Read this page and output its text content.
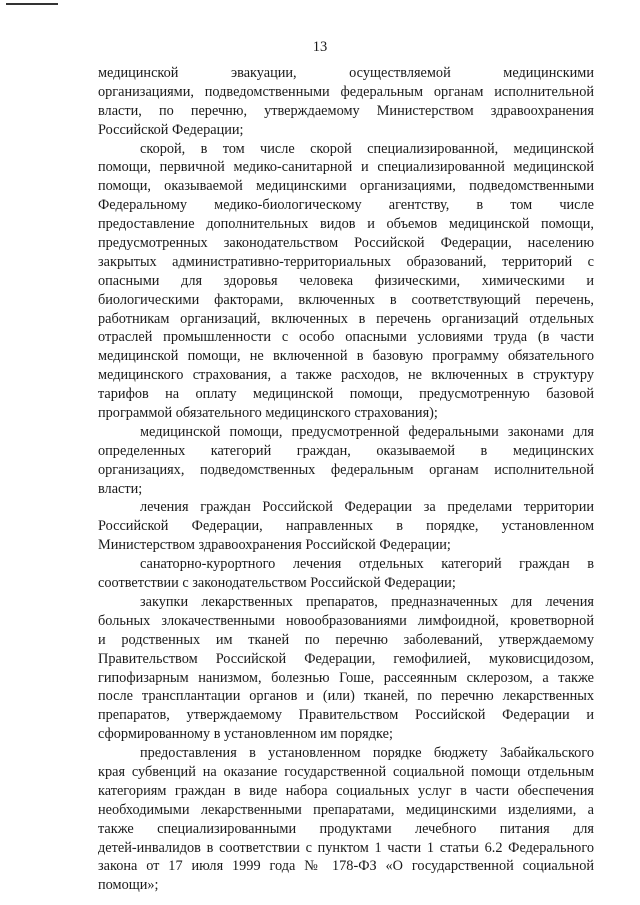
13
медицинской эвакуации, осуществляемой медицинскими
организациями, подведомственными федеральным органам исполнительной
власти, по перечню, утверждаемому Министерством здравоохранения
Российской Федерации;
скорой, в том числе скорой специализированной, медицинской
помощи, первичной медико-санитарной и специализированной медицинской
помощи, оказываемой медицинскими организациями, подведомственными
Федеральному медико-биологическому агентству, в том числе
предоставление дополнительных видов и объемов медицинской помощи,
предусмотренных законодательством Российской Федерации, населению
закрытых административно-территориальных образований, территорий с
опасными для здоровья человека физическими, химическими и
биологическими факторами, включенных в соответствующий перечень,
работникам организаций, включенных в перечень организаций отдельных
отраслей промышленности с особо опасными условиями труда (в части
медицинской помощи, не включенной в базовую программу обязательного
медицинского страхования, а также расходов, не включенных в структуру
тарифов на оплату медицинской помощи, предусмотренную базовой
программой обязательного медицинского страхования);
медицинской помощи, предусмотренной федеральными законами для
определенных категорий граждан, оказываемой в медицинских
организациях, подведомственных федеральным органам исполнительной
власти;
лечения граждан Российской Федерации за пределами территории
Российской Федерации, направленных в порядке, установленном
Министерством здравоохранения Российской Федерации;
санаторно-курортного лечения отдельных категорий граждан в
соответствии с законодательством Российской Федерации;
закупки лекарственных препаратов, предназначенных для лечения
больных злокачественными новообразованиями лимфоидной, кроветворной
и родственных им тканей по перечню заболеваний, утверждаемому
Правительством Российской Федерации, гемофилией, муковисцидозом,
гипофизарным нанизмом, болезнью Гоше, рассеянным склерозом, а также
после трансплантации органов и (или) тканей, по перечню лекарственных
препаратов, утверждаемому Правительством Российской Федерации и
сформированному в установленном им порядке;
предоставления в установленном порядке бюджету Забайкальского
края субвенций на оказание государственной социальной помощи отдельным
категориям граждан в виде набора социальных услуг в части обеспечения
необходимыми лекарственными препаратами, медицинскими изделиями, а
также специализированными продуктами лечебного питания для
детей-инвалидов в соответствии с пунктом 1 части 1 статьи 6.2 Федерального
закона от 17 июля 1999 года № 178-ФЗ «О государственной социальной
помощи»;
